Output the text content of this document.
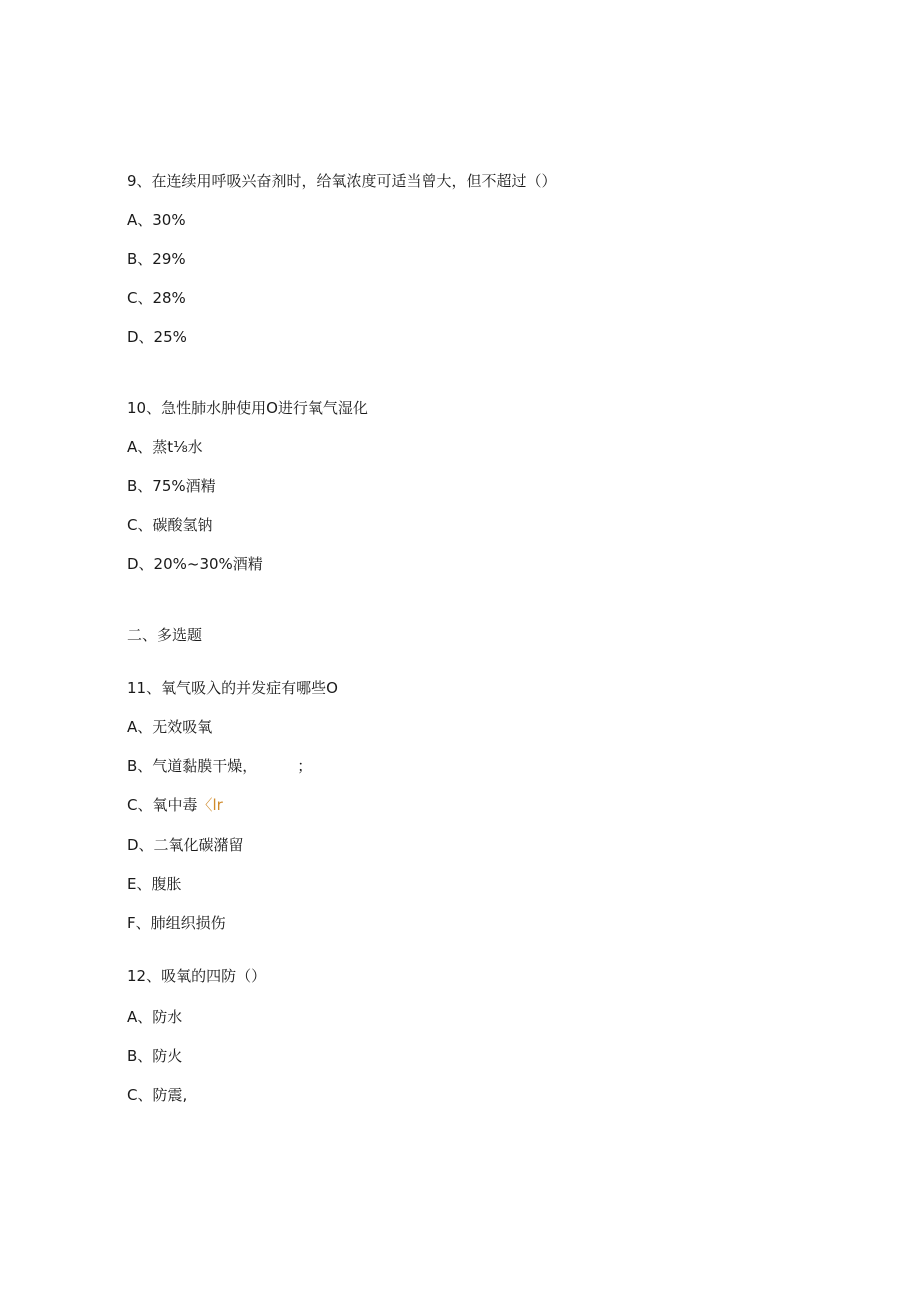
9、在连续用呼吸兴奋剂时，给氧浓度可适当曾大，但不超过（）
A、30%
B、29%
C、28%
D、25%
10、急性肺水肿使用O进行氧气湿化
A、蒸t⅛水
B、75%酒精
C、碳酸氢钠
D、20%~30%酒精
二、多选题
11、氧气吸入的并发症有哪些O
A、无效吸氧
B、气道黏膜干燥，	；
C、氧中毒〈lr
D、二氧化碳潴留
E、腹胀
F、肺组织损伤
12、吸氧的四防（）
A、防水
B、防火
C、防震,
